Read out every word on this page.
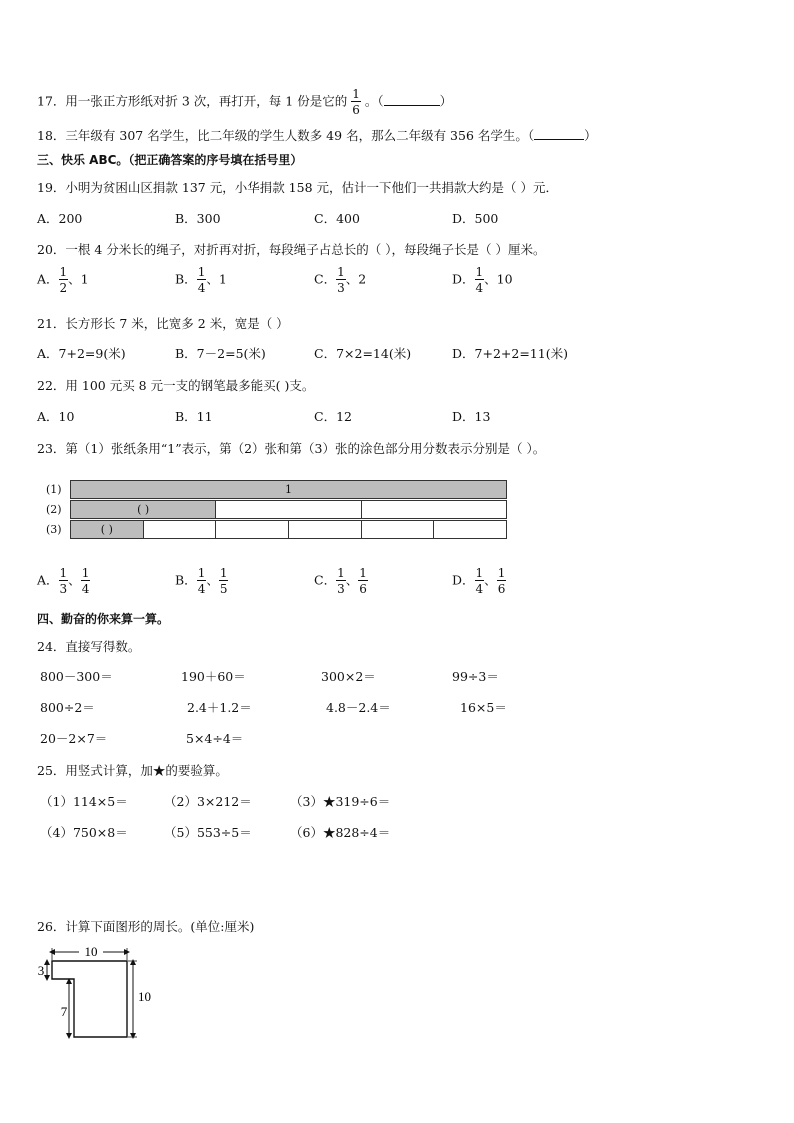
17．用一张正方形纸对折 3 次，再打开，每 1 份是它的 $\frac{1}{6}$ 。（	）
18．三年级有 307 名学生，比二年级的学生人数多 49 名，那么二年级有 356 名学生。（	）
三、快乐 ABC。（把正确答案的序号填在括号里）
19．小明为贫困山区捐款 137 元，小华捐款 158 元，估计一下他们一共捐款大约是（ ）元．
A．200	B．300	C．400	D．500
20．一根 4 分米长的绳子，对折再对折，每段绳子占总长的（ ），每段绳子长是（ ）厘米。
A． $\frac{1}{2}$ 、1	B． $\frac{1}{4}$ 、1	C． $\frac{1}{3}$ 、2	D． $\frac{1}{4}$ 、10
21．长方形长 7 米，比宽多 2 米，宽是（ ）
A．7+2=9(米)	B．7－2=5(米)	C．7×2=14(米)	D．7+2+2=11(米)
22．用 100 元买 8 元一支的钢笔最多能买( )支。
A．10	B．11	C．12	D．13
23．第（1）张纸条用“1”表示，第（2）张和第（3）张的涂色部分用分数表示分别是（ ）。
(1)	1
(2)	( )
(3)	( )
A． $\frac{1}{3}$ 、 $\frac{1}{4}$	B． $\frac{1}{4}$ 、 $\frac{1}{5}$	C． $\frac{1}{3}$ 、 $\frac{1}{6}$	D． $\frac{1}{4}$ 、 $\frac{1}{6}$
四、勤奋的你来算一算。
24．直接写得数。
800－300＝	190＋60＝	300×2＝	99÷3＝
800÷2＝	2.4＋1.2＝	4.8－2.4＝	16×5＝
20－2×7＝	5×4÷4＝
25．用竖式计算，加★的要验算。
（1）114×5＝	（2）3×212＝	（3）★319÷6＝
（4）750×8＝	（5）553÷5＝	（6）★828÷4＝
26．计算下面图形的周长。(单位:厘米)
10
3
7
10
